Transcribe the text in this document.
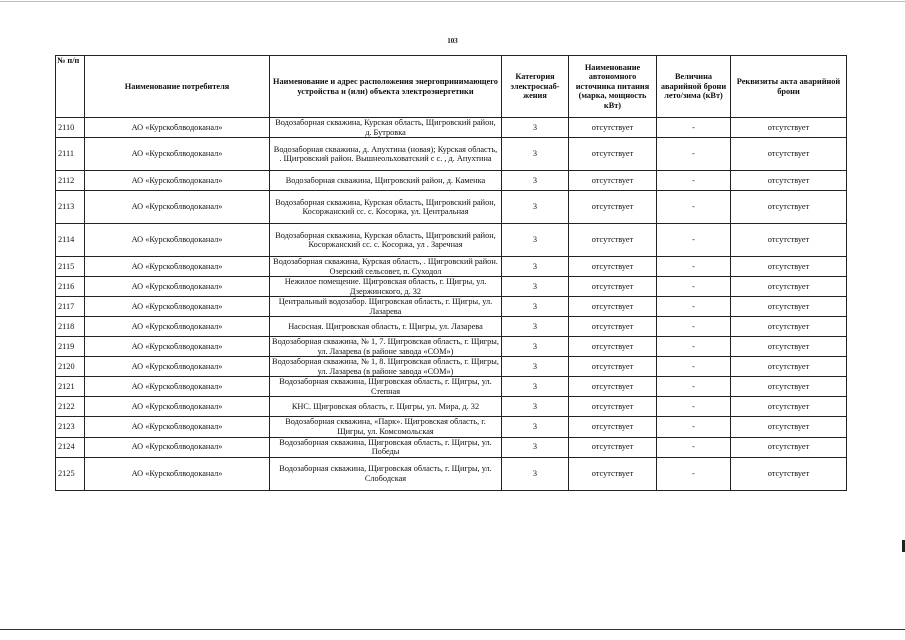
103
№ п/п	Наименование потребителя	Наименование и адрес расположения энергопринимающего устройства и (или) объекта электроэнергетики	Категория электроснаб-жения	Наименование автономного источника питания (марка, мощность кВт)	Величина аварийной брони лето/зима (кВт)	Реквизиты акта аварийной брони
2110	АО «Курскоблводоканал»	Водозаборная скважина, Курская область, Щигровский район, д. Бутровка	3	отсутствует	-	отсутствует
2111	АО «Курскоблводоканал»	Водозаборная скважина, д. Апухтина (новая); Курская область, . Щигровский район. Вышнеольховатский с с. , д. Апухтина	3	отсутствует	-	отсутствует
2112	АО «Курскоблводоканал»	Водозаборная скважина, Щигровский район, д. Каменка	3	отсутствует	-	отсутствует
2113	АО «Курскоблводоканал»	Водозаборная скважина, Курская область, Щигровский район, Косоржанский сс. с. Косоржа, ул. Центральная	3	отсутствует	-	отсутствует
2114	АО «Курскоблводоканал»	Водозаборная скважина, Курская область, Щигровский район, Косоржанский сс. с. Косоржа, ул . Заречная	3	отсутствует	-	отсутствует
2115	АО «Курскоблводоканал»	Водозаборная скважина, Курская область, . Щигровский район. Озерский сельсовет, п. Суходол	3	отсутствует	-	отсутствует
2116	АО «Курскоблводоканал»	Нежилое помещение. Щигровская область, г. Щигры, ул. Дзержинского, д. 32	3	отсутствует	-	отсутствует
2117	АО «Курскоблводоканал»	Центральный водозабор. Щигровская область, г. Щигры, ул. Лазарева	3	отсутствует	-	отсутствует
2118	АО «Курскоблводоканал»	Насосная. Щигровская область, г. Щигры, ул. Лазарева	3	отсутствует	-	отсутствует
2119	АО «Курскоблводоканал»	Водозаборная скважина, № 1, 7. Щигровская область, г. Щигры, ул. Лазарева (в районе завода «СОМ»)	3	отсутствует	-	отсутствует
2120	АО «Курскоблводоканал»	Водозаборная скважина, № 1, 8. Щигровская область, г. Щигры, ул. Лазарева (в районе завода «СОМ»)	3	отсутствует	-	отсутствует
2121	АО «Курскоблводоканал»	Водозаборная скважина, Щигровская область, г. Щигры, ул. Степная	3	отсутствует	-	отсутствует
2122	АО «Курскоблводоканал»	КНС. Щигровская область, г. Щигры, ул. Мира, д. 32	3	отсутствует	-	отсутствует
2123	АО «Курскоблводоканал»	Водозаборная скважина, «Парк». Щигровская область, г. Щигры, ул. Комсомольская	3	отсутствует	-	отсутствует
2124	АО «Курскоблводоканал»	Водозаборная скважина, Щигровская область, г. Щигры, ул. Победы	3	отсутствует	-	отсутствует
2125	АО «Курскоблводоканал»	Водозаборная скважина, Щигровская область, г. Щигры, ул. Слободская	3	отсутствует	-	отсутствует
